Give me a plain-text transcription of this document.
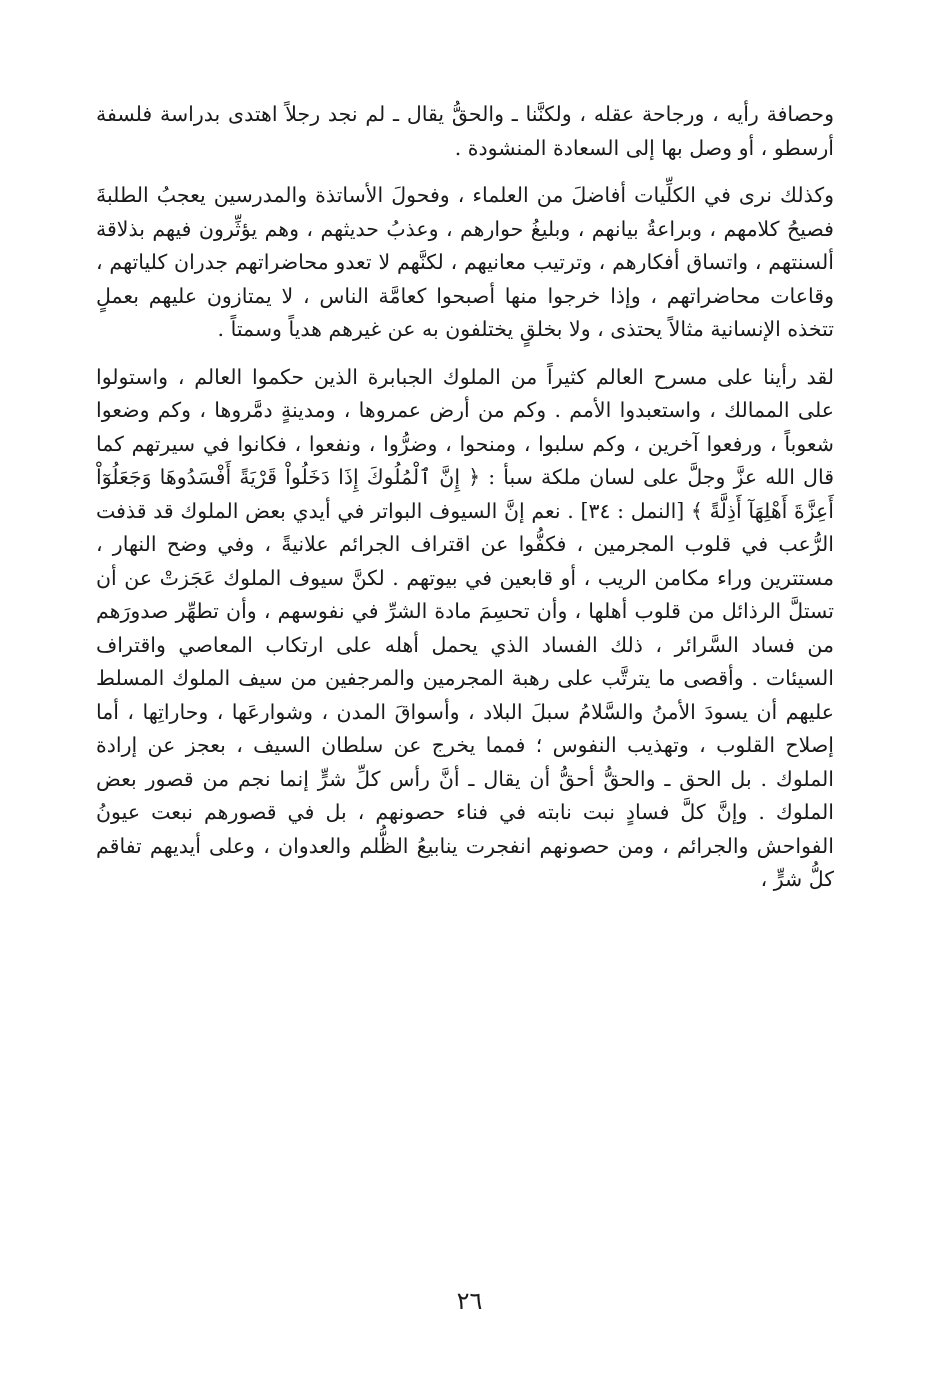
وحصافة رأيه ، ورجاحة عقله ، ولكنَّنا ـ والحقُّ يقال ـ لم نجد رجلاً اهتدى بدراسة فلسفة أرسطو ، أو وصل بها إلى السعادة المنشودة .

وكذلك نرى في الكلِّيات أفاضلَ من العلماء ، وفحولَ الأساتذة والمدرسين يعجبُ الطلبةَ فصيحُ كلامهم ، وبراعةُ بيانهم ، وبليغُ حوارهم ، وعذبُ حديثهم ، وهم يؤثِّرون فيهم بذلاقة ألسنتهم ، واتساق أفكارهم ، وترتيب معانيهم ، لكنَّهم لا تعدو محاضراتهم جدران كلياتهم ، وقاعات محاضراتهم ، وإذا خرجوا منها أصبحوا كعامَّة الناس ، لا يمتازون عليهم بعملٍ تتخذه الإنسانية مثالاً يحتذى ، ولا بخلقٍ يختلفون به عن غيرهم هدياً وسمتاً .

لقد رأينا على مسرح العالم كثيراً من الملوك الجبابرة الذين حكموا العالم ، واستولوا على الممالك ، واستعبدوا الأمم . وكم من أرض عمروها ، ومدينةٍ دمَّروها ، وكم وضعوا شعوباً ، ورفعوا آخرين ، وكم سلبوا ، ومنحوا ، وضرُّوا ، ونفعوا ، فكانوا في سيرتهم كما قال الله عزَّ وجلَّ على لسان ملكة سبأ : ﴿ إِنَّ ٱلْمُلُوكَ إِذَا دَخَلُواْ قَرْيَةً أَفْسَدُوهَا وَجَعَلُوٓاْ أَعِزَّةَ أَهْلِهَآ أَذِلَّةً ﴾ [النمل : ٣٤] . نعم إنَّ السيوف البواتر في أيدي بعض الملوك قد قذفت الرُّعب في قلوب المجرمين ، فكفُّوا عن اقتراف الجرائم علانيةً ، وفي وضح النهار ، مستترين وراء مكامن الريب ، أو قابعين في بيوتهم . لكنَّ سيوف الملوك عَجَزتْ عن أن تستلَّ الرذائل من قلوب أهلها ، وأن تحسِمَ مادة الشرِّ في نفوسهم ، وأن تطهِّر صدورَهم من فساد السَّرائر ، ذلك الفساد الذي يحمل أهله على ارتكاب المعاصي واقتراف السيئات . وأقصى ما يترتَّب على رهبة المجرمين والمرجفين من سيف الملوك المسلط عليهم أن يسودَ الأمنُ والسَّلامُ سبلَ البلاد ، وأسواقَ المدن ، وشوارعَها ، وحاراتِها ، أما إصلاح القلوب ، وتهذيب النفوس ؛ فمما يخرج عن سلطان السيف ، بعجز عن إرادة الملوك . بل الحق ـ والحقُّ أحقُّ أن يقال ـ أنَّ رأس كلِّ شرٍّ إنما نجم من قصور بعض الملوك . وإنَّ كلَّ فسادٍ نبت نابته في فناء حصونهم ، بل في قصورهم نبعت عيونُ الفواحش والجرائم ، ومن حصونهم انفجرت ينابيعُ الظُّلم والعدوان ، وعلى أيديهم تفاقم كلُّ شرٍّ ،

٢٦
